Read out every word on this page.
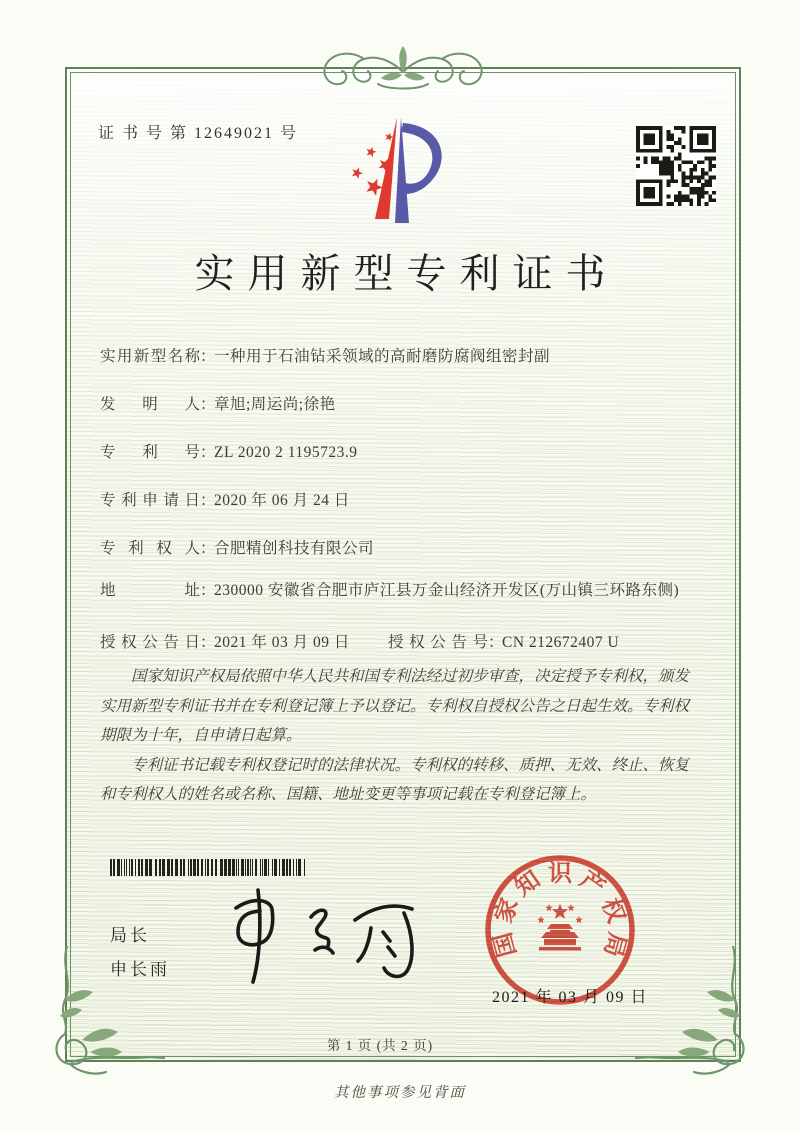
证 书 号 第 12649021 号
实用新型专利证书
实用新型名称：一种用于石油钻采领域的高耐磨防腐阀组密封副
发明人：章旭;周运尚;徐艳
专利号：ZL 2020 2 1195723.9
专利申请日：2020 年 06 月 24 日
专利权人：合肥精创科技有限公司
地址：230000 安徽省合肥市庐江县万金山经济开发区(万山镇三环路东侧)
授权公告日：2021 年 03 月 09 日 授权公告号：CN 212672407 U

国家知识产权局依照中华人民共和国专利法经过初步审查，决定授予专利权，颁发实用新型专利证书并在专利登记簿上予以登记。专利权自授权公告之日起生效。专利权期限为十年，自申请日起算。

专利证书记载专利权登记时的法律状况。专利权的转移、质押、无效、终止、恢复和专利权人的姓名或名称、国籍、地址变更等事项记载在专利登记簿上。

局长
申长雨
国
家
知 识 产
权
局
2021 年 03 月 09 日
第 1 页 (共 2 页)
其他事项参见背面
